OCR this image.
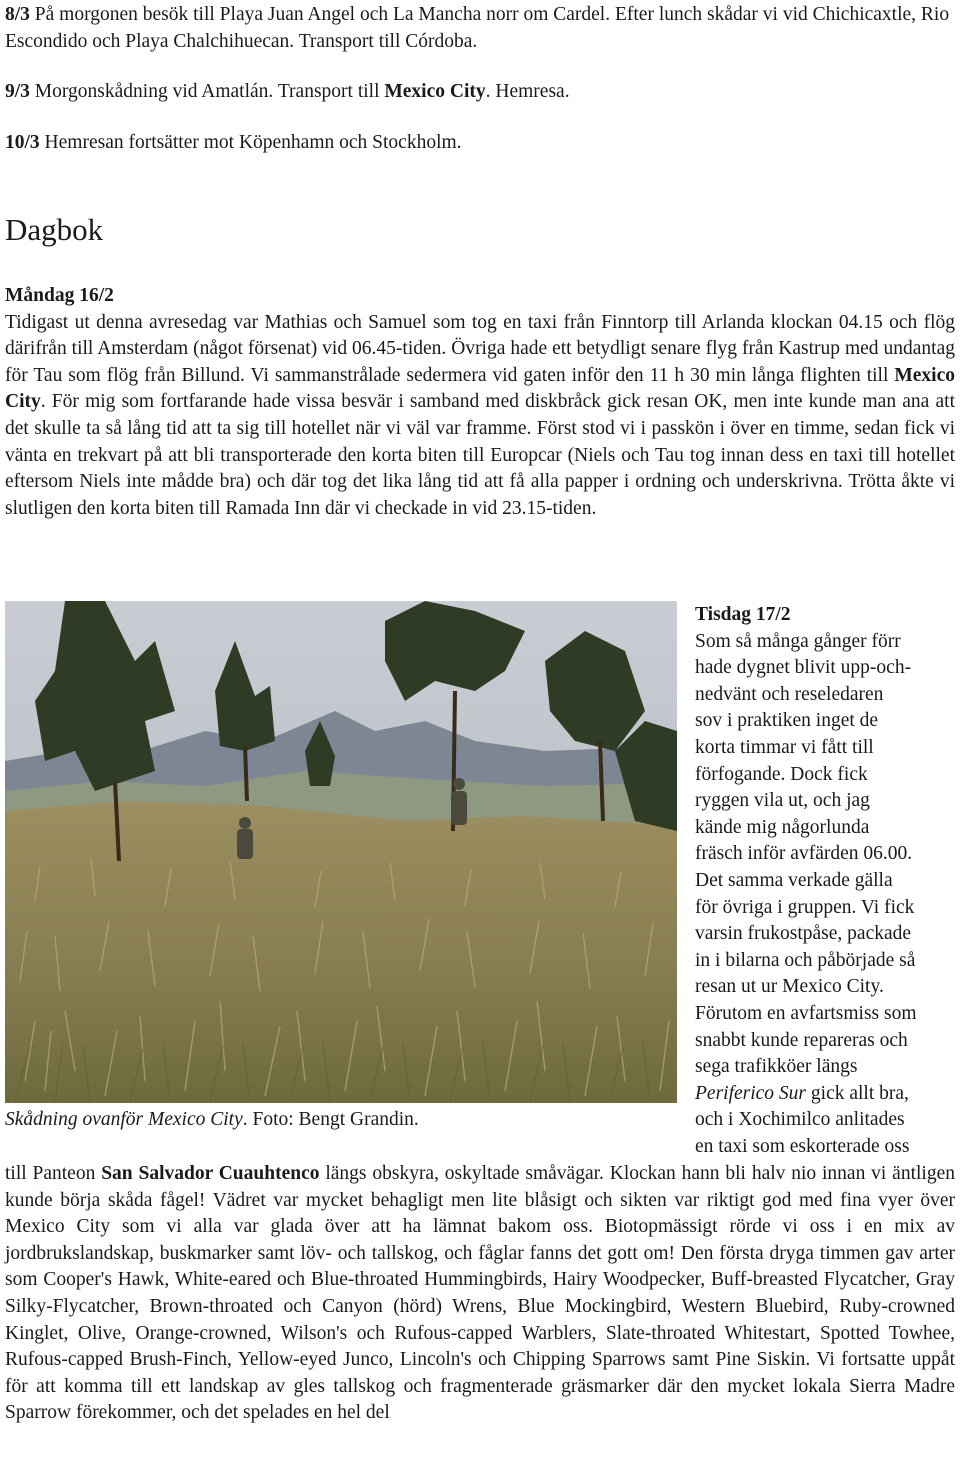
8/3 På morgonen besök till Playa Juan Angel och La Mancha norr om Cardel. Efter lunch skådar vi vid Chichicaxtle, Rio Escondido och Playa Chalchihuecan. Transport till Córdoba.

9/3 Morgonskådning vid Amatlán. Transport till Mexico City. Hemresa.

10/3 Hemresan fortsätter mot Köpenhamn och Stockholm.

Dagbok
Måndag 16/2
Tidigast ut denna avresedag var Mathias och Samuel som tog en taxi från Finntorp till Arlanda klockan 04.15 och flög därifrån till Amsterdam (något försenat) vid 06.45-tiden. Övriga hade ett betydligt senare flyg från Kastrup med undantag för Tau som flög från Billund. Vi sammanstrålade sedermera vid gaten inför den 11 h 30 min långa flighten till Mexico City. För mig som fortfarande hade vissa besvär i samband med diskbråck gick resan OK, men inte kunde man ana att det skulle ta så lång tid att ta sig till hotellet när vi väl var framme. Först stod vi i passkön i över en timme, sedan fick vi vänta en trekvart på att bli transporterade den korta biten till Europcar (Niels och Tau tog innan dess en taxi till hotellet eftersom Niels inte mådde bra) och där tog det lika lång tid att få alla papper i ordning och underskrivna. Trötta åkte vi slutligen den korta biten till Ramada Inn där vi checkade in vid 23.15-tiden.
Skådning ovanför Mexico City. Foto: Bengt Grandin.
Tisdag 17/2
Som så många gånger förr
hade dygnet blivit upp-och-
nedvänt och reseledaren
sov i praktiken inget de
korta timmar vi fått till
förfogande. Dock fick
ryggen vila ut, och jag
kände mig någorlunda
fräsch inför avfärden 06.00.
Det samma verkade gälla
för övriga i gruppen. Vi fick
varsin frukostpåse, packade
in i bilarna och påbörjade så
resan ut ur Mexico City.
Förutom en avfartsmiss som
snabbt kunde repareras och
sega trafikköer längs
Periferico Sur gick allt bra,
och i Xochimilco anlitades
en taxi som eskorterade oss
till Panteon San Salvador Cuauhtenco längs obskyra, oskyltade småvägar. Klockan hann bli halv nio innan vi äntligen kunde börja skåda fågel! Vädret var mycket behagligt men lite blåsigt och sikten var riktigt god med fina vyer över Mexico City som vi alla var glada över att ha lämnat bakom oss. Biotopmässigt rörde vi oss i en mix av jordbrukslandskap, buskmarker samt löv- och tallskog, och fåglar fanns det gott om! Den första dryga timmen gav arter som Cooper's Hawk, White-eared och Blue-throated Hummingbirds, Hairy Woodpecker, Buff-breasted Flycatcher, Gray Silky-Flycatcher, Brown-throated och Canyon (hörd) Wrens, Blue Mockingbird, Western Bluebird, Ruby-crowned Kinglet, Olive, Orange-crowned, Wilson's och Rufous-capped Warblers, Slate-throated Whitestart, Spotted Towhee, Rufous-capped Brush-Finch, Yellow-eyed Junco, Lincoln's och Chipping Sparrows samt Pine Siskin. Vi fortsatte uppåt för att komma till ett landskap av gles tallskog och fragmenterade gräsmarker där den mycket lokala Sierra Madre Sparrow förekommer, och det spelades en hel del
